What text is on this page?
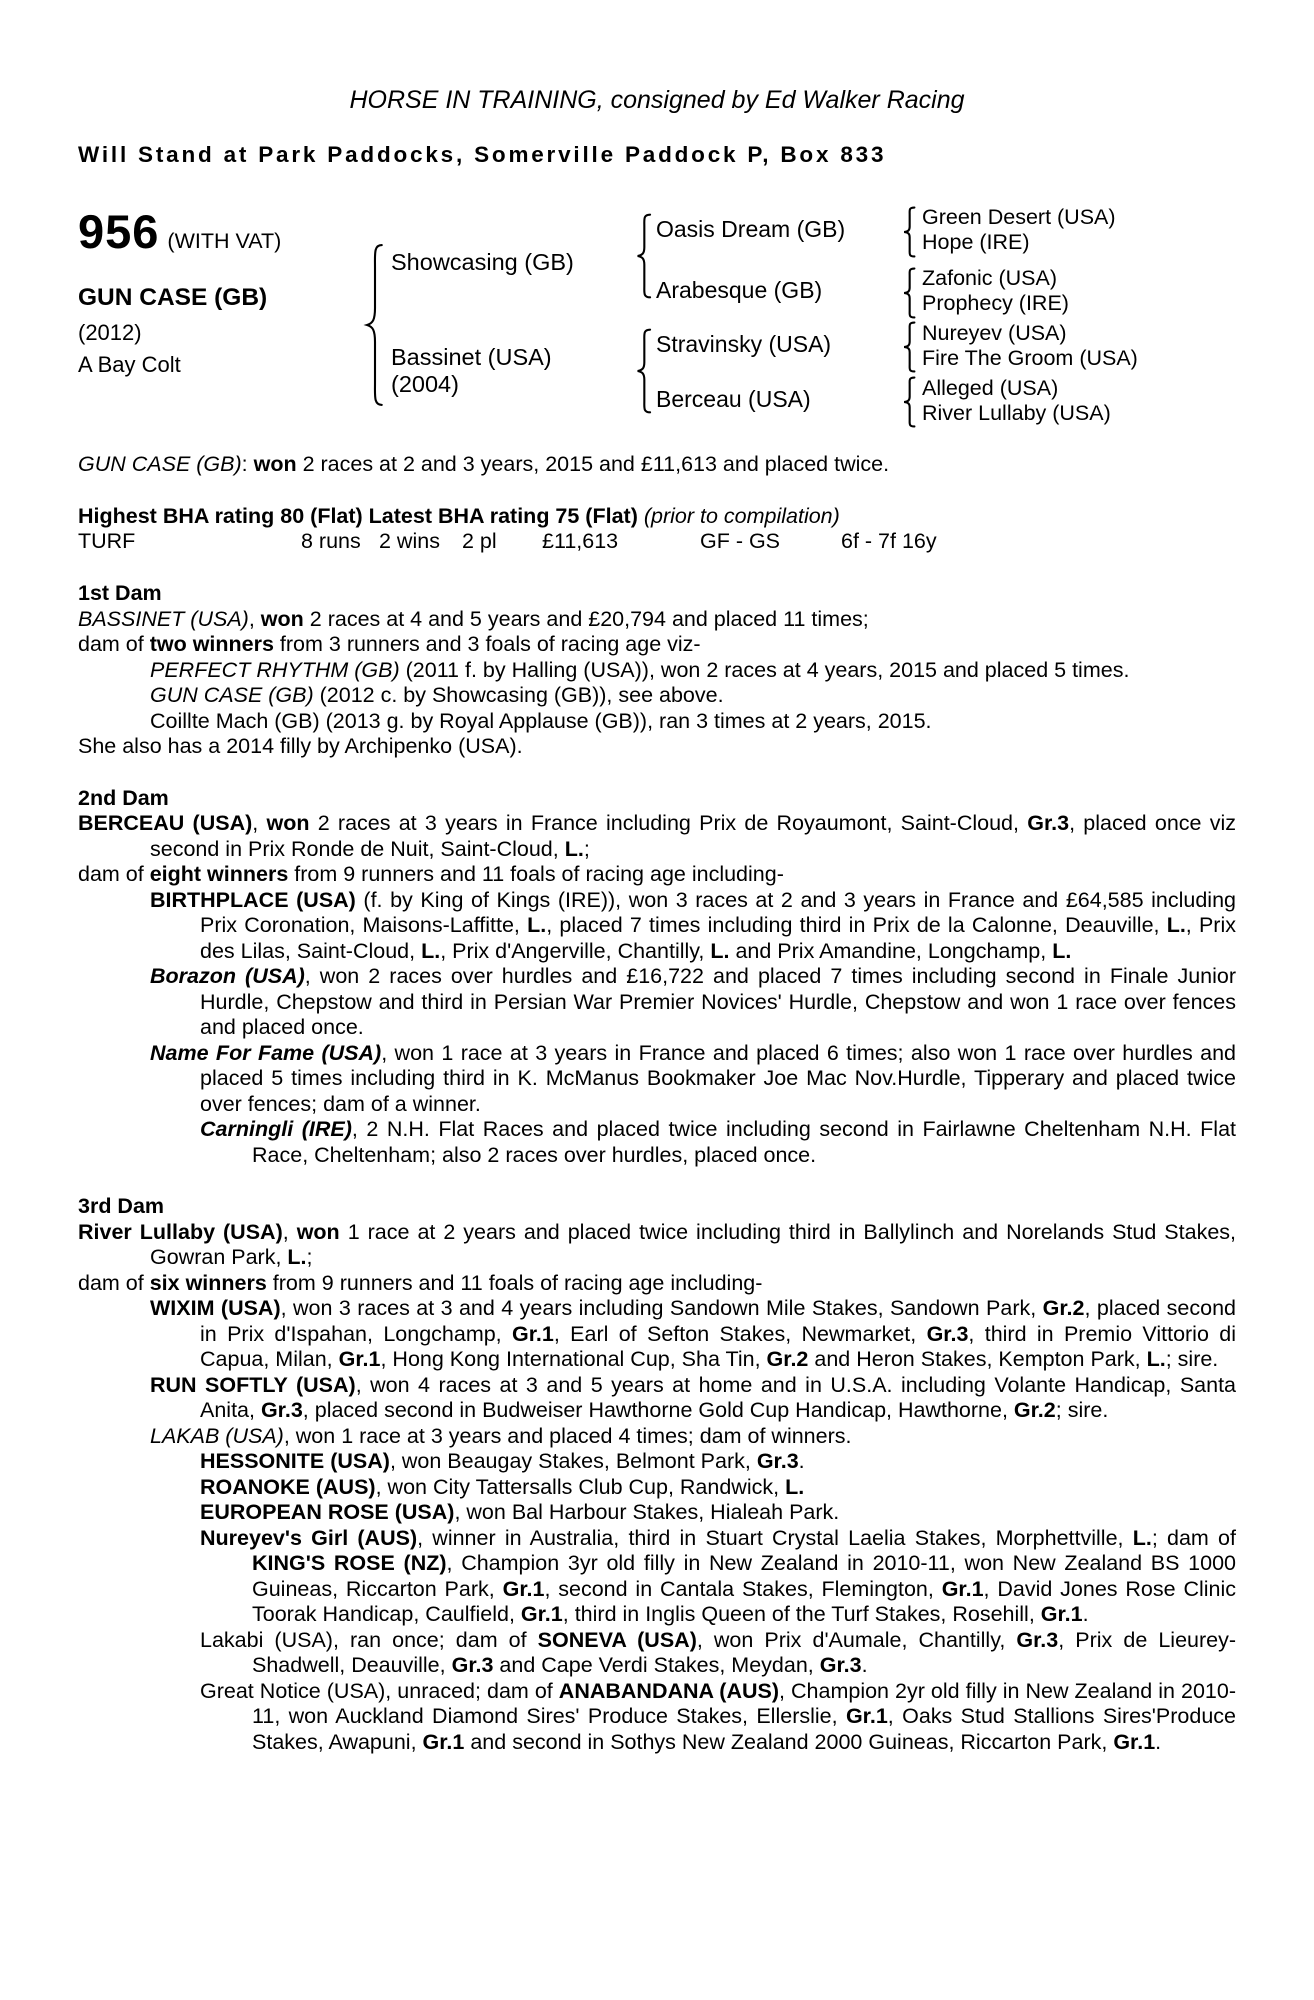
HORSE IN TRAINING, consigned by Ed Walker Racing
Will Stand at Park Paddocks, Somerville Paddock P, Box 833
956 (WITH VAT)
GUN CASE (GB)
(2012)
A Bay Colt
Showcasing (GB)
Bassinet (USA)
(2004)
Oasis Dream (GB)
Arabesque (GB)
Stravinsky (USA)
Berceau (USA)
Green Desert (USA)
Hope (IRE)
Zafonic (USA)
Prophecy (IRE)
Nureyev (USA)
Fire The Groom (USA)
Alleged (USA)
River Lullaby (USA)

GUN CASE (GB): won 2 races at 2 and 3 years, 2015 and £11,613 and placed twice.

Highest BHA rating 80 (Flat) Latest BHA rating 75 (Flat) (prior to compilation)

TURF	8 runs 2 wins 2 pl £11,613	GF - GS	6f - 7f 16y
1st Dam

BASSINET (USA), won 2 races at 4 and 5 years and £20,794 and placed 11 times;

dam of two winners from 3 runners and 3 foals of racing age viz-

PERFECT RHYTHM (GB) (2011 f. by Halling (USA)), won 2 races at 4 years, 2015 and placed 5 times.

GUN CASE (GB) (2012 c. by Showcasing (GB)), see above.

Coillte Mach (GB) (2013 g. by Royal Applause (GB)), ran 3 times at 2 years, 2015.

She also has a 2014 filly by Archipenko (USA).

2nd Dam

BERCEAU (USA), won 2 races at 3 years in France including Prix de Royaumont, Saint-Cloud, Gr.3, placed once viz second in Prix Ronde de Nuit, Saint-Cloud, L.;

dam of eight winners from 9 runners and 11 foals of racing age including-

BIRTHPLACE (USA) (f. by King of Kings (IRE)), won 3 races at 2 and 3 years in France and £64,585 including Prix Coronation, Maisons-Laffitte, L., placed 7 times including third in Prix de la Calonne, Deauville, L., Prix des Lilas, Saint-Cloud, L., Prix d'Angerville, Chantilly, L. and Prix Amandine, Longchamp, L.

Borazon (USA), won 2 races over hurdles and £16,722 and placed 7 times including second in Finale Junior Hurdle, Chepstow and third in Persian War Premier Novices' Hurdle, Chepstow and won 1 race over fences and placed once.

Name For Fame (USA), won 1 race at 3 years in France and placed 6 times; also won 1 race over hurdles and placed 5 times including third in K. McManus Bookmaker Joe Mac Nov.Hurdle, Tipperary and placed twice over fences; dam of a winner.

Carningli (IRE), 2 N.H. Flat Races and placed twice including second in Fairlawne Cheltenham N.H. Flat Race, Cheltenham; also 2 races over hurdles, placed once.

3rd Dam

River Lullaby (USA), won 1 race at 2 years and placed twice including third in Ballylinch and Norelands Stud Stakes, Gowran Park, L.;

dam of six winners from 9 runners and 11 foals of racing age including-

WIXIM (USA), won 3 races at 3 and 4 years including Sandown Mile Stakes, Sandown Park, Gr.2, placed second in Prix d'Ispahan, Longchamp, Gr.1, Earl of Sefton Stakes, Newmarket, Gr.3, third in Premio Vittorio di Capua, Milan, Gr.1, Hong Kong International Cup, Sha Tin, Gr.2 and Heron Stakes, Kempton Park, L.; sire.

RUN SOFTLY (USA), won 4 races at 3 and 5 years at home and in U.S.A. including Volante Handicap, Santa Anita, Gr.3, placed second in Budweiser Hawthorne Gold Cup Handicap, Hawthorne, Gr.2; sire.

LAKAB (USA), won 1 race at 3 years and placed 4 times; dam of winners.

HESSONITE (USA), won Beaugay Stakes, Belmont Park, Gr.3.

ROANOKE (AUS), won City Tattersalls Club Cup, Randwick, L.

EUROPEAN ROSE (USA), won Bal Harbour Stakes, Hialeah Park.

Nureyev's Girl (AUS), winner in Australia, third in Stuart Crystal Laelia Stakes, Morphettville, L.; dam of KING'S ROSE (NZ), Champion 3yr old filly in New Zealand in 2010-11, won New Zealand BS 1000 Guineas, Riccarton Park, Gr.1, second in Cantala Stakes, Flemington, Gr.1, David Jones Rose Clinic Toorak Handicap, Caulfield, Gr.1, third in Inglis Queen of the Turf Stakes, Rosehill, Gr.1.

Lakabi (USA), ran once; dam of SONEVA (USA), won Prix d'Aumale, Chantilly, Gr.3, Prix de Lieurey-Shadwell, Deauville, Gr.3 and Cape Verdi Stakes, Meydan, Gr.3.

Great Notice (USA), unraced; dam of ANABANDANA (AUS), Champion 2yr old filly in New Zealand in 2010-11, won Auckland Diamond Sires' Produce Stakes, Ellerslie, Gr.1, Oaks Stud Stallions Sires'Produce Stakes, Awapuni, Gr.1 and second in Sothys New Zealand 2000 Guineas, Riccarton Park, Gr.1.
